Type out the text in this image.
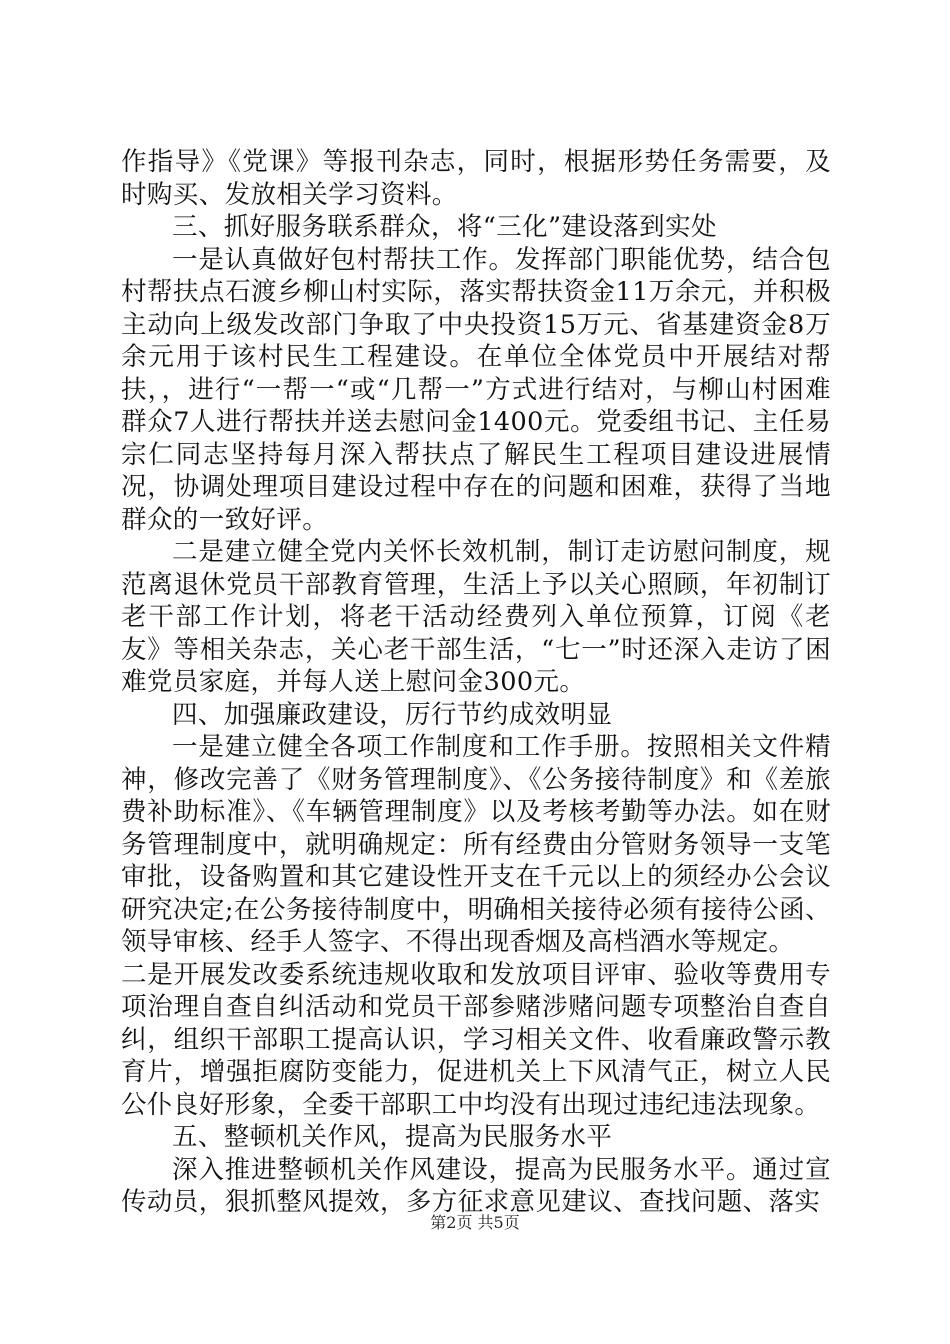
作指导》《党课》等报刊杂志，同时，根据形势任务需要，及时购买、发放相关学习资料。

三、抓好服务联系群众，将“三化”建设落到实处

一是认真做好包村帮扶工作。发挥部门职能优势，结合包村帮扶点石渡乡柳山村实际，落实帮扶资金11万余元，并积极主动向上级发改部门争取了中央投资15万元、省基建资金8万余元用于该村民生工程建设。在单位全体党员中开展结对帮扶，，进行“一帮一“或“几帮一”方式进行结对，与柳山村困难群众7人进行帮扶并送去慰问金1400元。党委组书记、主任易宗仁同志坚持每月深入帮扶点了解民生工程项目建设进展情况，协调处理项目建设过程中存在的问题和困难，获得了当地群众的一致好评。

二是建立健全党内关怀长效机制，制订走访慰问制度，规范离退休党员干部教育管理，生活上予以关心照顾，年初制订老干部工作计划，将老干活动经费列入单位预算，订阅《老友》等相关杂志，关心老干部生活，“七一”时还深入走访了困难党员家庭，并每人送上慰问金300元。

四、加强廉政建设，厉行节约成效明显

一是建立健全各项工作制度和工作手册。按照相关文件精神，修改完善了《财务管理制度》、《公务接待制度》和《差旅费补助标准》、《车辆管理制度》以及考核考勤等办法。如在财务管理制度中，就明确规定：所有经费由分管财务领导一支笔审批，设备购置和其它建设性开支在千元以上的须经办公会议研究决定;在公务接待制度中，明确相关接待必须有接待公函、领导审核、经手人签字、不得出现香烟及高档酒水等规定。

二是开展发改委系统违规收取和发放项目评审、验收等费用专项治理自查自纠活动和党员干部参赌涉赌问题专项整治自查自纠，组织干部职工提高认识，学习相关文件、收看廉政警示教育片，增强拒腐防变能力，促进机关上下风清气正，树立人民公仆良好形象，全委干部职工中均没有出现过违纪违法现象。

五、整顿机关作风，提高为民服务水平

深入推进整顿机关作风建设，提高为民服务水平。通过宣传动员，狠抓整风提效，多方征求意见建议、查找问题、落实

第2页 共5页
